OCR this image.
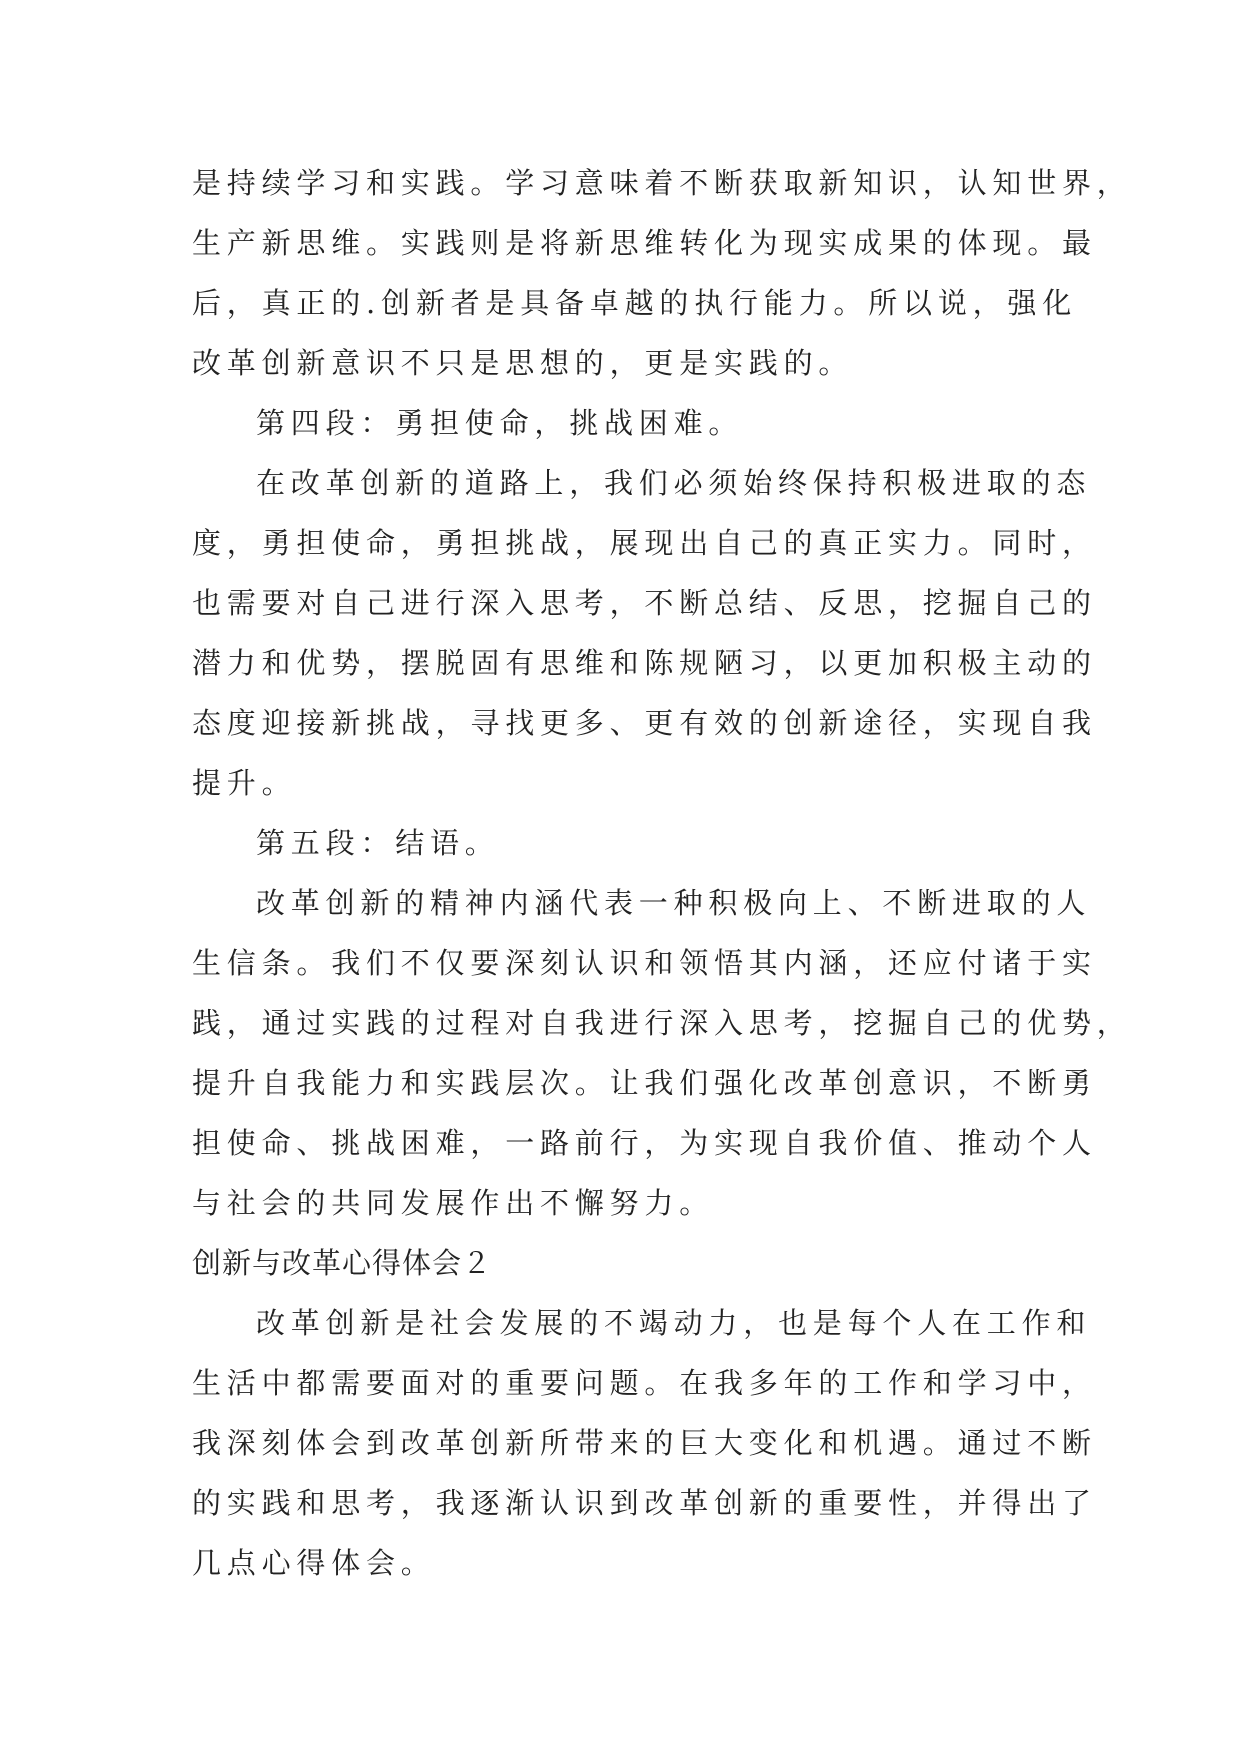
是持续学习和实践。学习意味着不断获取新知识，认知世界，
生产新思维。实践则是将新思维转化为现实成果的体现。最
后，真正的.创新者是具备卓越的执行能力。所以说，强化
改革创新意识不只是思想的，更是实践的。
第四段：勇担使命，挑战困难。
在改革创新的道路上，我们必须始终保持积极进取的态
度，勇担使命，勇担挑战，展现出自己的真正实力。同时，
也需要对自己进行深入思考，不断总结、反思，挖掘自己的
潜力和优势，摆脱固有思维和陈规陋习，以更加积极主动的
态度迎接新挑战，寻找更多、更有效的创新途径，实现自我
提升。
第五段：结语。
改革创新的精神内涵代表一种积极向上、不断进取的人
生信条。我们不仅要深刻认识和领悟其内涵，还应付诸于实
践，通过实践的过程对自我进行深入思考，挖掘自己的优势，
提升自我能力和实践层次。让我们强化改革创意识，不断勇
担使命、挑战困难，一路前行，为实现自我价值、推动个人
与社会的共同发展作出不懈努力。
创新与改革心得体会２
改革创新是社会发展的不竭动力，也是每个人在工作和
生活中都需要面对的重要问题。在我多年的工作和学习中，
我深刻体会到改革创新所带来的巨大变化和机遇。通过不断
的实践和思考，我逐渐认识到改革创新的重要性，并得出了
几点心得体会。
